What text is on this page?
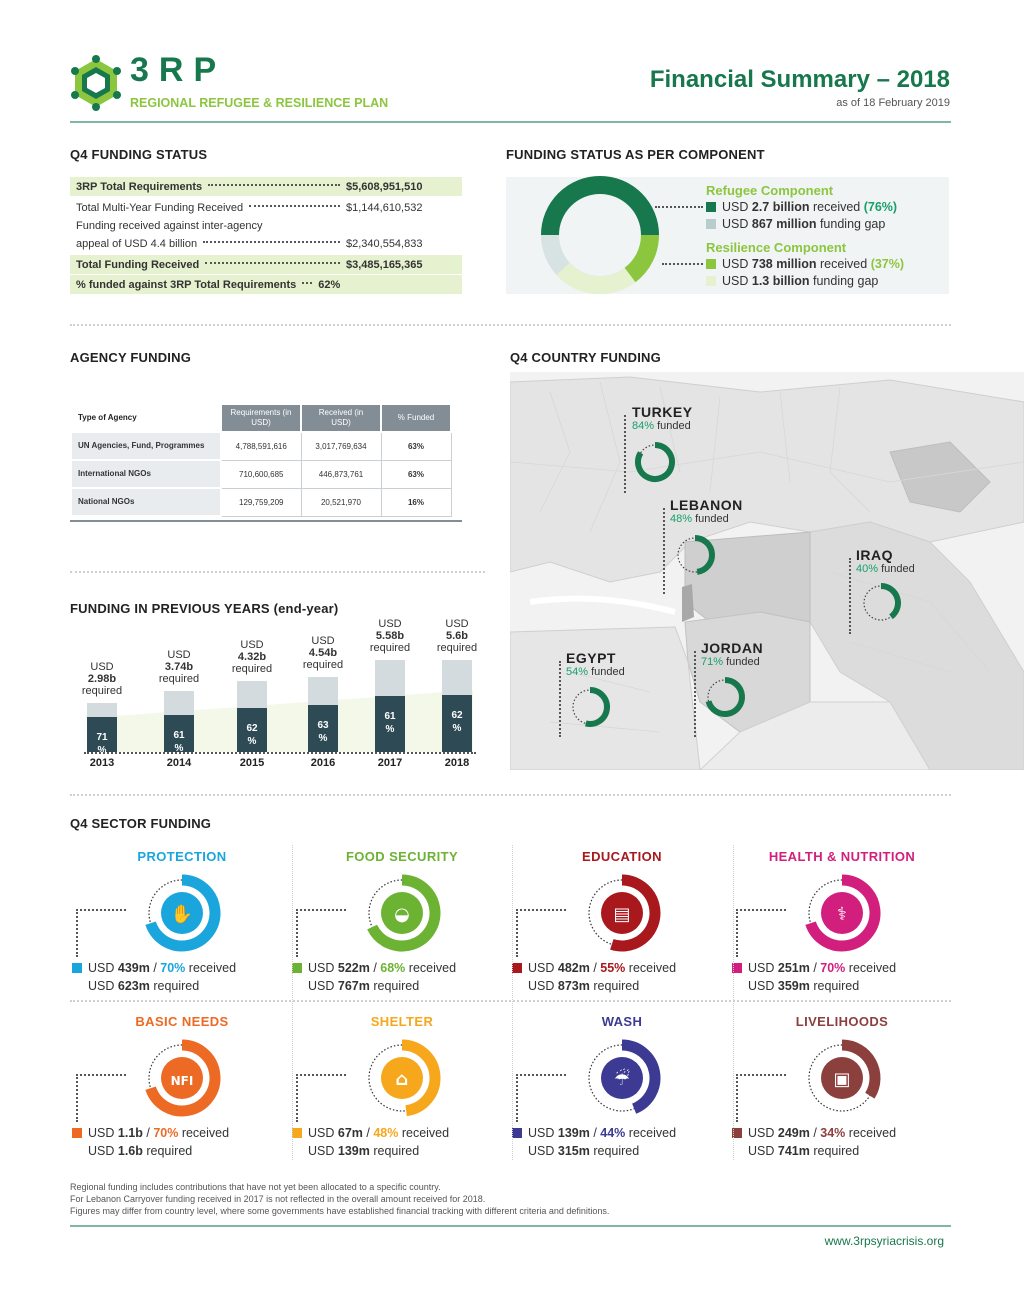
3RP
REGIONAL REFUGEE & RESILIENCE PLAN
Financial Summary – 2018
as of 18 February 2019
Q4 FUNDING STATUS
3RP Total Requirements	$5,608,951,510
Total Multi-Year Funding Received	$1,144,610,532
Funding received against inter-agency
appeal of USD 4.4 billion	$2,340,554,833
Total Funding Received	$3,485,165,365
% funded against 3RP Total Requirements 62%
FUNDING STATUS AS PER COMPONENT
Refugee Component
USD 2.7 billion received (76%)
USD 867 million funding gap
Resilience Component
USD 738 million received (37%)
USD 1.3 billion funding gap
AGENCY FUNDING
Type of Agency	Requirements (in USD)	Received (in USD)	% Funded
UN Agencies, Fund, Programmes	4,788,591,616	3,017,769,634	63%
International NGOs	710,600,685	446,873,761	63%
National NGOs	129,759,209	20,521,970	16%
FUNDING IN PREVIOUS YEARS (end-year)
71
%
USD
2.98b
required
2013
61
%
USD
3.74b
required
2014
62
%
USD
4.32b
required
2015
63
%
USD
4.54b
required
2016
61
%
USD
5.58b
required
2017
62
%
USD
5.6b
required
2018
Q4 COUNTRY FUNDING
TURKEY
84% funded
LEBANON
48% funded
IRAQ
40% funded
JORDAN
71% funded
EGYPT
54% funded
Q4 SECTOR FUNDING
PROTECTION
✋
USD 439m / 70% received
USD 623m required
FOOD SECURITY
◒
USD 522m / 68% received
USD 767m required
EDUCATION
▤
USD 482m / 55% received
USD 873m required
HEALTH & NUTRITION
⚕
USD 251m / 70% received
USD 359m required
BASIC NEEDS
NFI
USD 1.1b / 70% received
USD 1.6b required
SHELTER
⌂
USD 67m / 48% received
USD 139m required
WASH
☔
USD 139m / 44% received
USD 315m required
LIVELIHOODS
▣
USD 249m / 34% received
USD 741m required
Regional funding includes contributions that have not yet been allocated to a specific country.
For Lebanon Carryover funding received in 2017 is not reflected in the overall amount received for 2018.
Figures may differ from country level, where some governments have established financial tracking with different criteria and definitions.
www.3rpsyriacrisis.org
